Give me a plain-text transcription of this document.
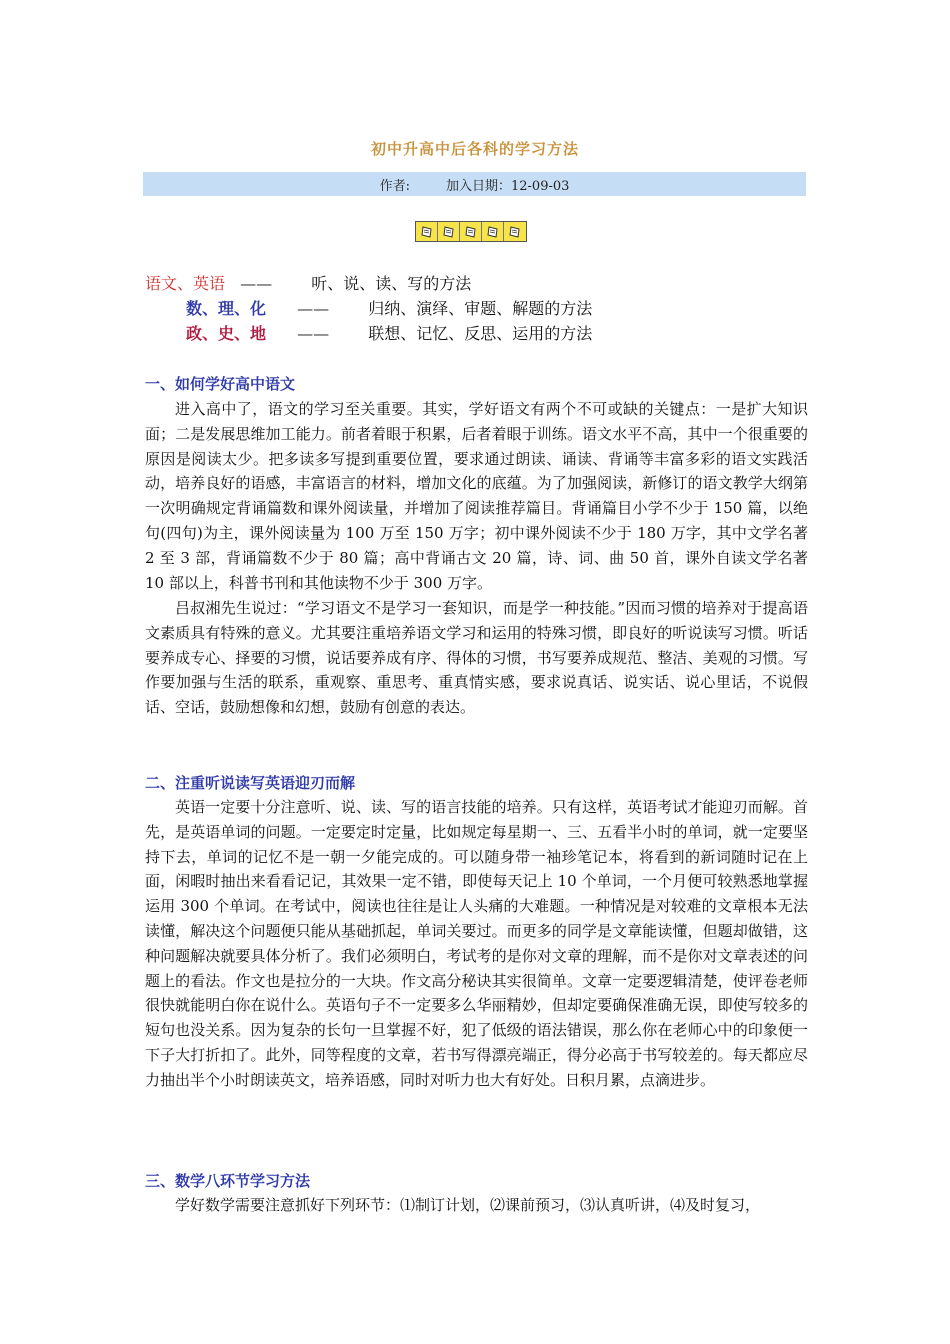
初中升高中后各科的学习方法
作者:	加入日期：12-09-03
语文、英语 —— 听、说、读、写的方法
数、理、化 —— 归纳、演绎、审题、解题的方法
政、史、地 —— 联想、记忆、反思、运用的方法
一、如何学好高中语文

进入高中了，语文的学习至关重要。其实，学好语文有两个不可或缺的关键点：一是扩大知识面；二是发展思维加工能力。前者着眼于积累，后者着眼于训练。语文水平不高，其中一个很重要的原因是阅读太少。把多读多写提到重要位置，要求通过朗读、诵读、背诵等丰富多彩的语文实践活动，培养良好的语感，丰富语言的材料，增加文化的底蕴。为了加强阅读，新修订的语文教学大纲第一次明确规定背诵篇数和课外阅读量，并增加了阅读推荐篇目。背诵篇目小学不少于 150 篇，以绝句(四句)为主，课外阅读量为 100 万至 150 万字；初中课外阅读不少于 180 万字，其中文学名著 2 至 3 部，背诵篇数不少于 80 篇；高中背诵古文 20 篇，诗、词、曲 50 首，课外自读文学名著 10 部以上，科普书刊和其他读物不少于 300 万字。

吕叔湘先生说过：“学习语文不是学习一套知识，而是学一种技能。”因而习惯的培养对于提高语文素质具有特殊的意义。尤其要注重培养语文学习和运用的特殊习惯，即良好的听说读写习惯。听话要养成专心、择要的习惯，说话要养成有序、得体的习惯，书写要养成规范、整洁、美观的习惯。写作要加强与生活的联系，重观察、重思考、重真情实感，要求说真话、说实话、说心里话，不说假话、空话，鼓励想像和幻想，鼓励有创意的表达。

二、注重听说读写英语迎刃而解

英语一定要十分注意听、说、读、写的语言技能的培养。只有这样，英语考试才能迎刃而解。首先，是英语单词的问题。一定要定时定量，比如规定每星期一、三、五看半小时的单词，就一定要坚持下去，单词的记忆不是一朝一夕能完成的。可以随身带一袖珍笔记本，将看到的新词随时记在上面，闲暇时抽出来看看记记，其效果一定不错，即使每天记上 10 个单词，一个月便可较熟悉地掌握运用 300 个单词。在考试中，阅读也往往是让人头痛的大难题。一种情况是对较难的文章根本无法读懂，解决这个问题便只能从基础抓起，单词关要过。而更多的同学是文章能读懂，但题却做错，这种问题解决就要具体分析了。我们必须明白，考试考的是你对文章的理解，而不是你对文章表述的问题上的看法。作文也是拉分的一大块。作文高分秘诀其实很简单。文章一定要逻辑清楚，使评卷老师很快就能明白你在说什么。英语句子不一定要多么华丽精妙，但却定要确保准确无误，即使写较多的短句也没关系。因为复杂的长句一旦掌握不好，犯了低级的语法错误，那么你在老师心中的印象便一下子大打折扣了。此外，同等程度的文章，若书写得漂亮端正，得分必高于书写较差的。每天都应尽力抽出半个小时朗读英文，培养语感，同时对听力也大有好处。日积月累，点滴进步。

三、数学八环节学习方法

学好数学需要注意抓好下列环节：⑴制订计划，⑵课前预习，⑶认真听讲，⑷及时复习，
